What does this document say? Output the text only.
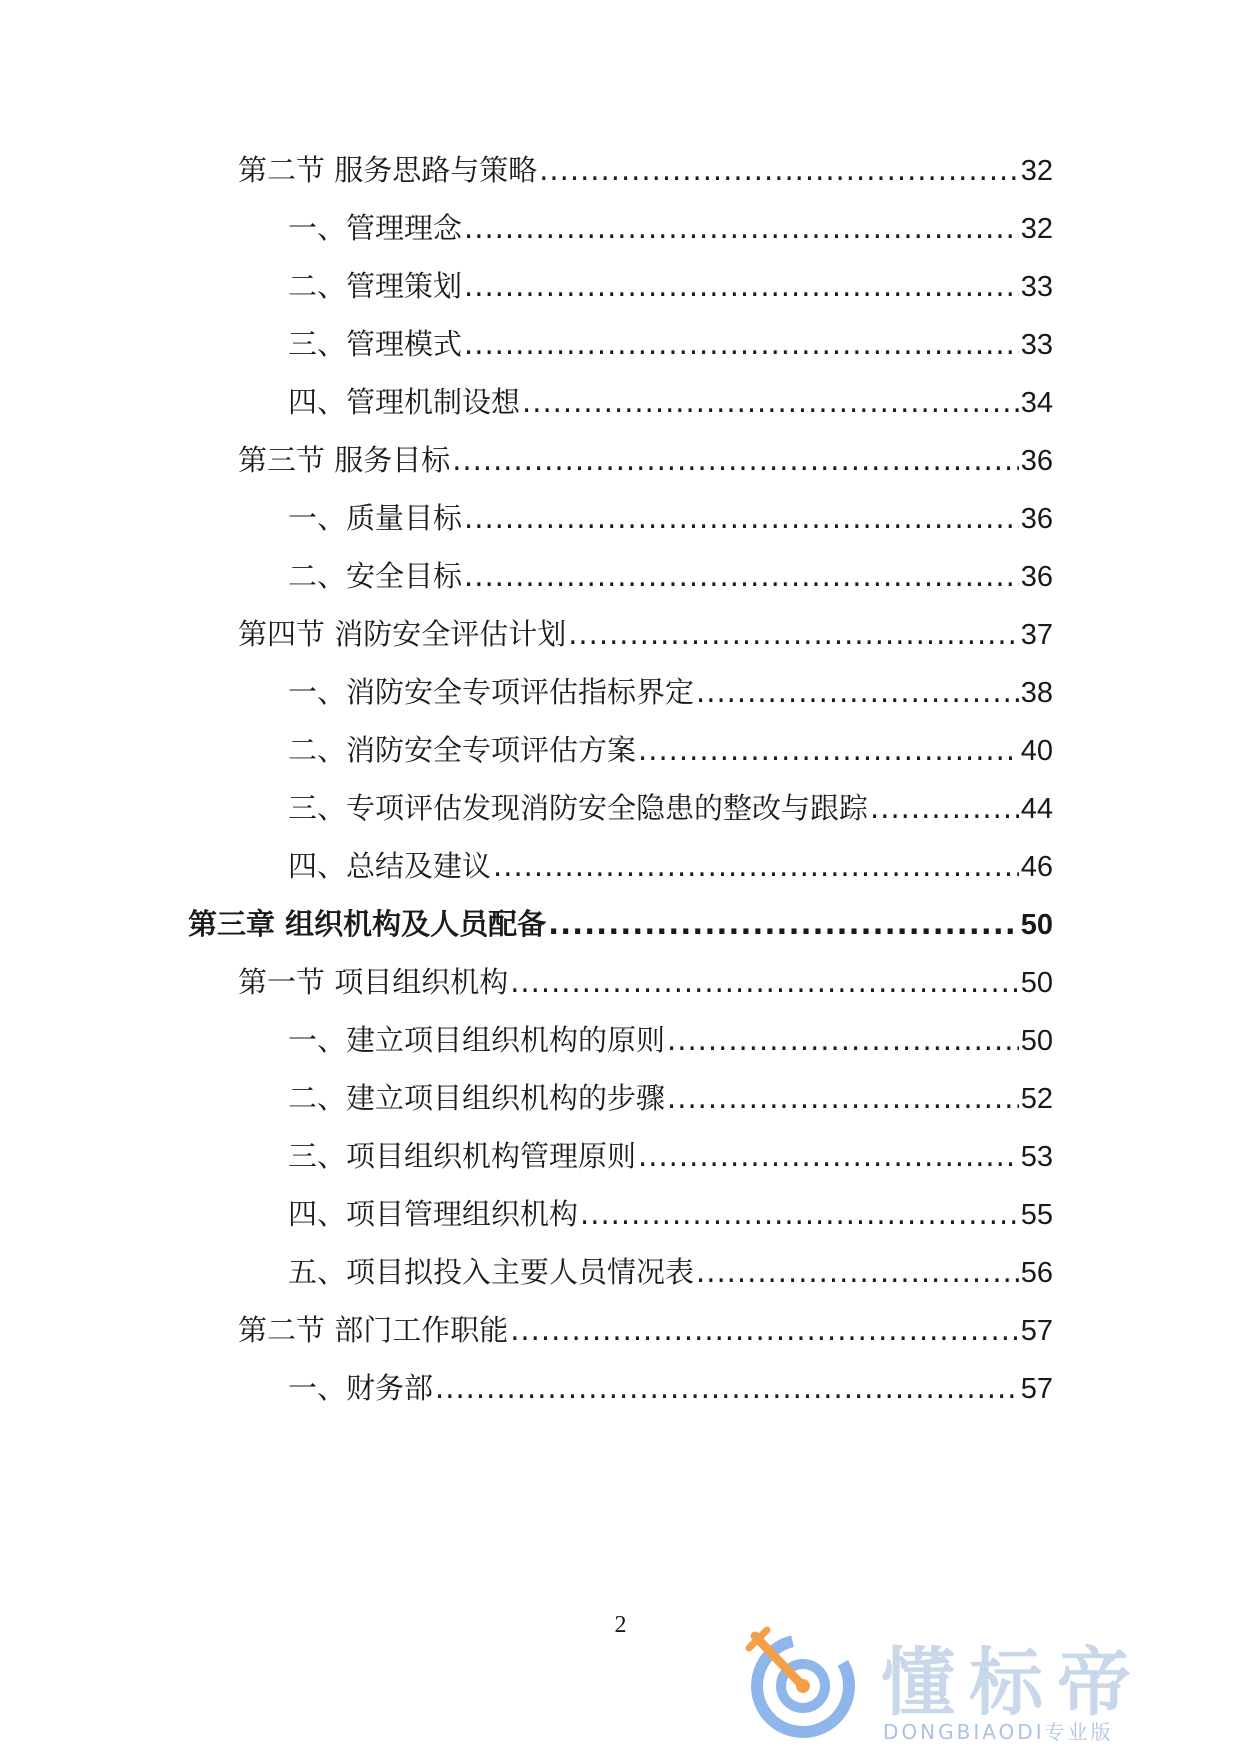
第二节 服务思路与策略 .....	32
一、管理理念 .....	32
二、管理策划 .....	33
三、管理模式 .....	33
四、管理机制设想 .....	34
第三节 服务目标 .....	36
一、质量目标 .....	36
二、安全目标 .....	36
第四节 消防安全评估计划 .....	37
一、消防安全专项评估指标界定 .....	38
二、消防安全专项评估方案 .....	40
三、专项评估发现消防安全隐患的整改与跟踪 .....	44
四、总结及建议 .....	46
第三章 组织机构及人员配备 .....	50
第一节 项目组织机构 .....	50
一、建立项目组织机构的原则 .....	50
二、建立项目组织机构的步骤 .....	52
三、项目组织机构管理原则 .....	53
四、项目管理组织机构 .....	55
五、项目拟投入主要人员情况表 .....	56
第二节 部门工作职能 .....	57
一、财务部 .....	57
2
懂标帝
DONGBIAODI专业版
